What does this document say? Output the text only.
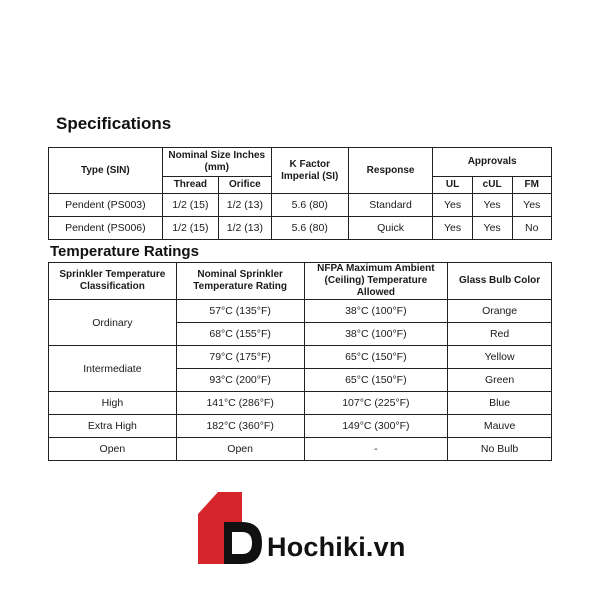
Specifications
Type (SIN)	Nominal Size Inches (mm)		K Factor Imperial (SI)	Response	Approvals		
	Thread	Orifice			UL	cUL	FM
Pendent (PS003)	1/2 (15)	1/2 (13)	5.6 (80)	Standard	Yes	Yes	Yes
Pendent (PS006)	1/2 (15)	1/2 (13)	5.6 (80)	Quick	Yes	Yes	No
Temperature Ratings
Sprinkler Temperature Classification	Nominal Sprinkler Temperature Rating	NFPA Maximum Ambient (Ceiling) Temperature Allowed	Glass Bulb Color
Ordinary	57°C (135°F)	38°C (100°F)	Orange
	68°C (155°F)	38°C (100°F)	Red
Intermediate	79°C (175°F)	65°C (150°F)	Yellow
	93°C (200°F)	65°C (150°F)	Green
High	141°C (286°F)	107°C (225°F)	Blue
Extra High	182°C (360°F)	149°C (300°F)	Mauve
Open	Open	-	No Bulb
Hochiki.vn
